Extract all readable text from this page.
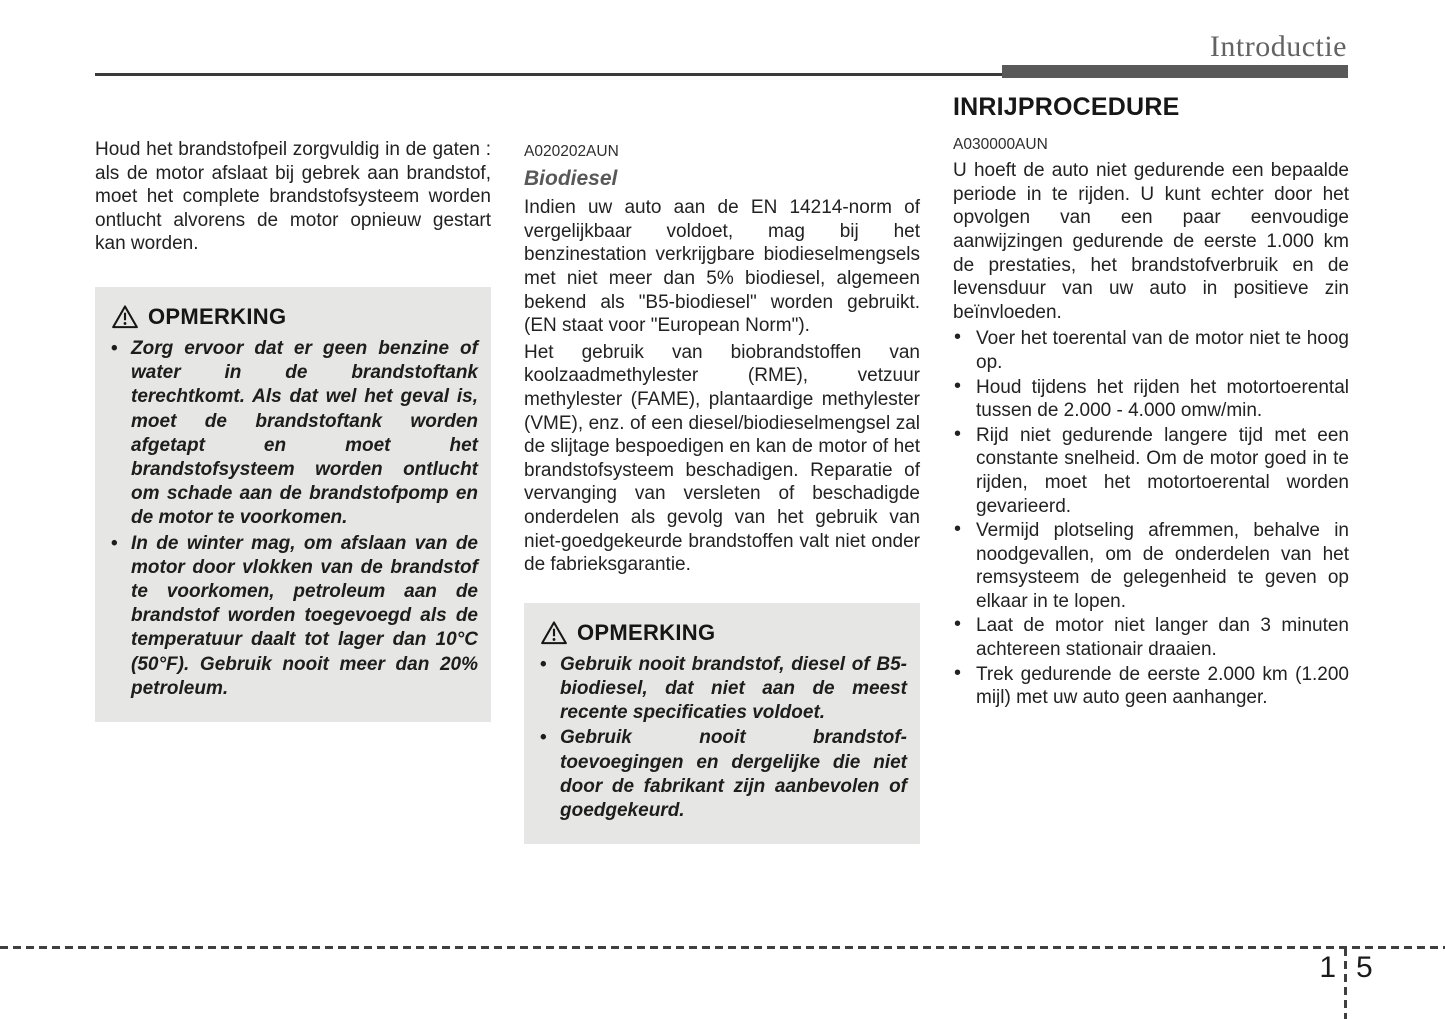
Introductie

Houd het brandstofpeil zorgvuldig in de gaten : als de motor afslaat bij gebrek aan brandstof, moet het complete brandstofsysteem worden ontlucht alvorens de motor opnieuw gestart kan worden.

OPMERKING
• Zorg ervoor dat er geen benzine of water in de brandstoftank terechtkomt. Als dat wel het geval is, moet de brandstoftank worden afgetapt en moet het brandstofsysteem worden ontlucht om schade aan de brandstofpomp en de motor te voorkomen.
• In de winter mag, om afslaan van de motor door vlokken van de brandstof te voorkomen, petroleum aan de brandstof worden toegevoegd als de temperatuur daalt tot lager dan 10°C (50°F). Gebruik nooit meer dan 20% petroleum.

A020202AUN

Biodiesel

Indien uw auto aan de EN 14214-norm of vergelijkbaar voldoet, mag bij het benzinestation verkrijgbare biodieselmengsels met niet meer dan 5% biodiesel, algemeen bekend als "B5-biodiesel" worden gebruikt. (EN staat voor "European Norm").

Het gebruik van biobrandstoffen van koolzaadmethylester (RME), vetzuur methylester (FAME), plantaardige methylester (VME), enz. of een diesel/biodieselmengsel zal de slijtage bespoedigen en kan de motor of het brandstofsysteem beschadigen. Reparatie of vervanging van versleten of beschadigde onderdelen als gevolg van het gebruik van niet-goedgekeurde brandstoffen valt niet onder de fabrieksgarantie.

OPMERKING
• Gebruik nooit brandstof, diesel of B5-biodiesel, dat niet aan de meest recente specificaties voldoet.
• Gebruik nooit brandstof- toevoegingen en dergelijke die niet door de fabrikant zijn aanbevolen of goedgekeurd.
INRIJPROCEDURE

A030000AUN

U hoeft de auto niet gedurende een bepaalde periode in te rijden. U kunt echter door het opvolgen van een paar eenvoudige aanwijzingen gedurende de eerste 1.000 km de prestaties, het brandstofverbruik en de levensduur van uw auto in positieve zin beïnvloeden.

• Voer het toerental van de motor niet te hoog op.
• Houd tijdens het rijden het motortoerental tussen de 2.000 - 4.000 omw/min.
• Rijd niet gedurende langere tijd met een constante snelheid. Om de motor goed in te rijden, moet het motortoerental worden gevarieerd.
• Vermijd plotseling afremmen, behalve in noodgevallen, om de onderdelen van het remsysteem de gelegenheid te geven op elkaar in te lopen.
• Laat de motor niet langer dan 3 minuten achtereen stationair draaien.
• Trek gedurende de eerste 2.000 km (1.200 mijl) met uw auto geen aanhanger.
1 5
